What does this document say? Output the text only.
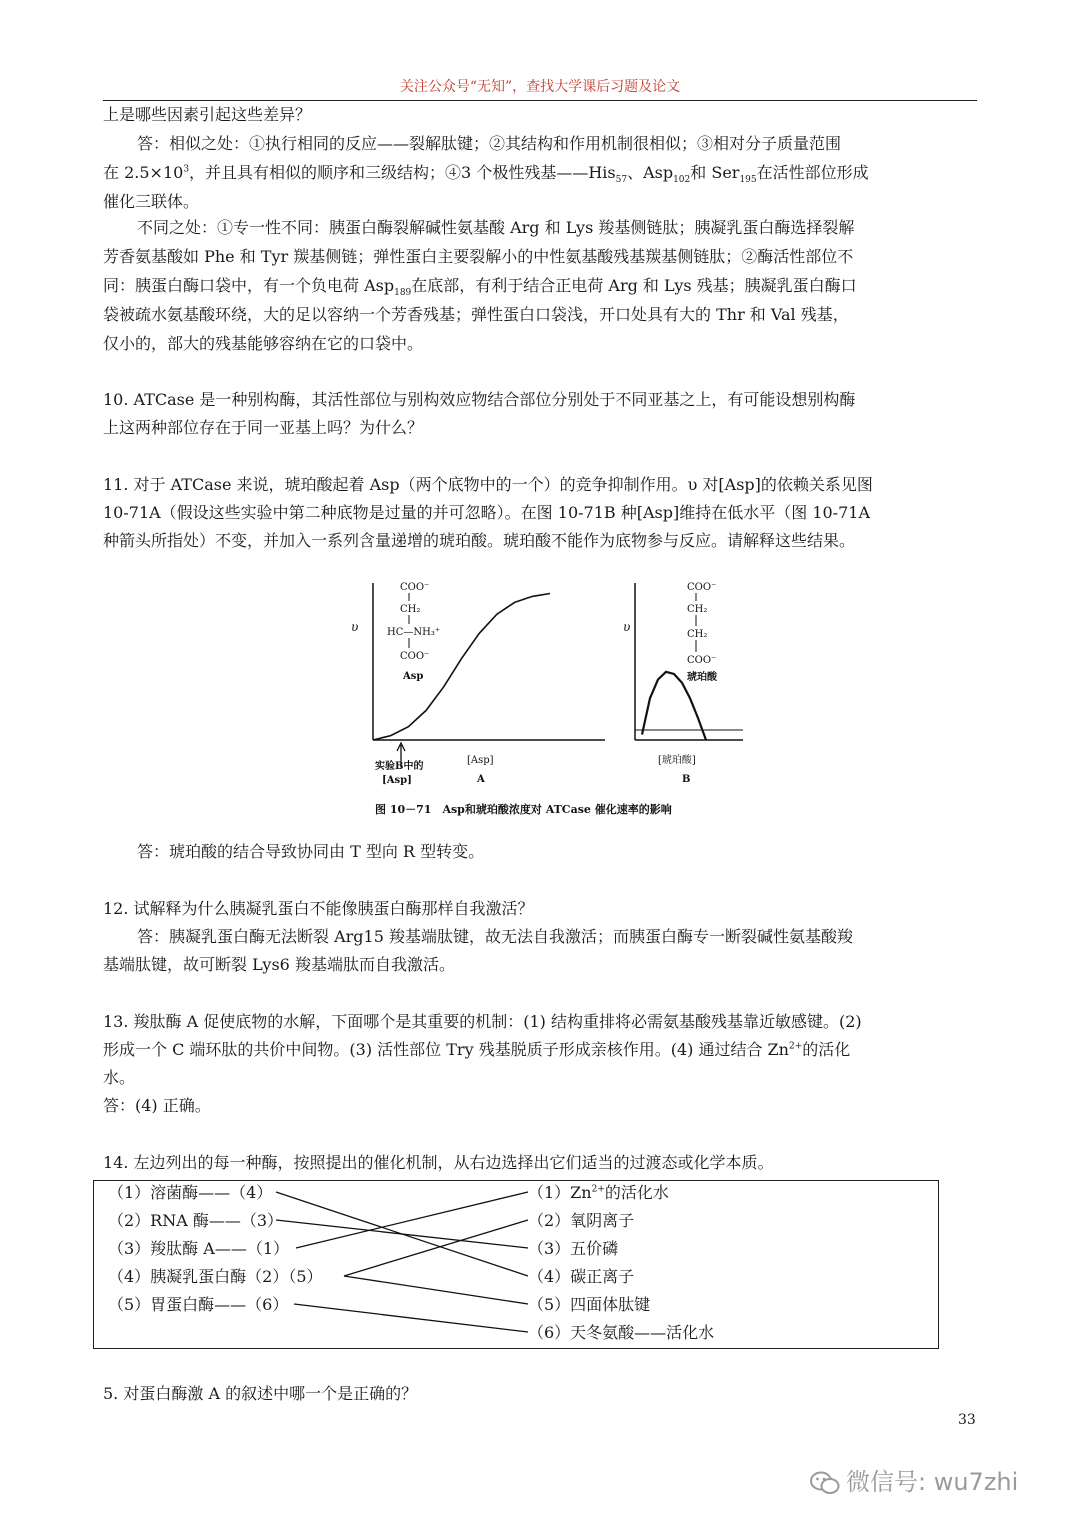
关注公众号“无知”，查找大学课后习题及论文
上是哪些因素引起这些差异？
答：相似之处：①执行相同的反应——裂解肽键；②其结构和作用机制很相似；③相对分子质量范围
在 $2.5\times 10^3$，并且具有相似的顺序和三级结构；④3 个极性残基——His$_{57}$、Asp$_{102}$和 Ser$_{195}$在活性部位形成
催化三联体。
不同之处：①专一性不同：胰蛋白酶裂解碱性氨基酸 Arg 和 Lys 羧基侧链肽；胰凝乳蛋白酶选择裂解
芳香氨基酸如 Phe 和 Tyr 羰基侧链；弹性蛋白主要裂解小的中性氨基酸残基羰基侧链肽；②酶活性部位不
同：胰蛋白酶口袋中，有一个负电荷 Asp$_{189}$在底部，有利于结合正电荷 Arg 和 Lys 残基；胰凝乳蛋白酶口
袋被疏水氨基酸环绕，大的足以容纳一个芳香残基；弹性蛋白口袋浅，开口处具有大的 Thr 和 Val 残基，
仅小的，部大的残基能够容纳在它的口袋中。
10. ATCase 是一种别构酶，其活性部位与别构效应物结合部位分别处于不同亚基之上，有可能设想别构酶
上这两种部位存在于同一亚基上吗？为什么？
11. 对于 ATCase 来说，琥珀酸起着 Asp（两个底物中的一个）的竞争抑制作用。υ 对[Asp]的依赖关系见图
10-71A（假设这些实验中第二种底物是过量的并可忽略）。在图 10-71B 种[Asp]维持在低水平（图 10-71A
种箭头所指处）不变，并加入一系列含量递增的琥珀酸。琥珀酸不能作为底物参与反应。请解释这些结果。
υ
COO⁻
CH₂
HC—NH₃⁺
COO⁻
Asp
实验B中的
[Asp]
[Asp]
A
υ
COO⁻
CH₂
CH₂
COO⁻
琥珀酸
[琥珀酸]
B
图 10－71　Asp和琥珀酸浓度对 ATCase 催化速率的影响
答：琥珀酸的结合导致协同由 T 型向 R 型转变。
12. 试解释为什么胰凝乳蛋白不能像胰蛋白酶那样自我激活？
答：胰凝乳蛋白酶无法断裂 Arg15 羧基端肽键，故无法自我激活；而胰蛋白酶专一断裂碱性氨基酸羧
基端肽键，故可断裂 Lys6 羧基端肽而自我激活。
13. 羧肽酶 A 促使底物的水解，下面哪个是其重要的机制：(1) 结构重排将必需氨基酸残基靠近敏感键。(2)
形成一个 C 端环肽的共价中间物。(3) 活性部位 Try 残基脱质子形成亲核作用。(4) 通过结合 $Zn^{2+}$的活化
水。
答：(4) 正确。
14. 左边列出的每一种酶，按照提出的催化机制，从右边选择出它们适当的过渡态或化学本质。
（1）溶菌酶——（4）
（2）RNA 酶——（3）
（3）羧肽酶 A——（1）
（4）胰凝乳蛋白酶（2）（5）
（5）胃蛋白酶——（6）
$(1)Zn^{2+}$的活化水
（2）氧阴离子
（3）五价磷
（4）碳正离子
（5）四面体肽键
（6）天冬氨酸——活化水
5. 对蛋白酶激 A 的叙述中哪一个是正确的？
33
微信号: wu7zhi
